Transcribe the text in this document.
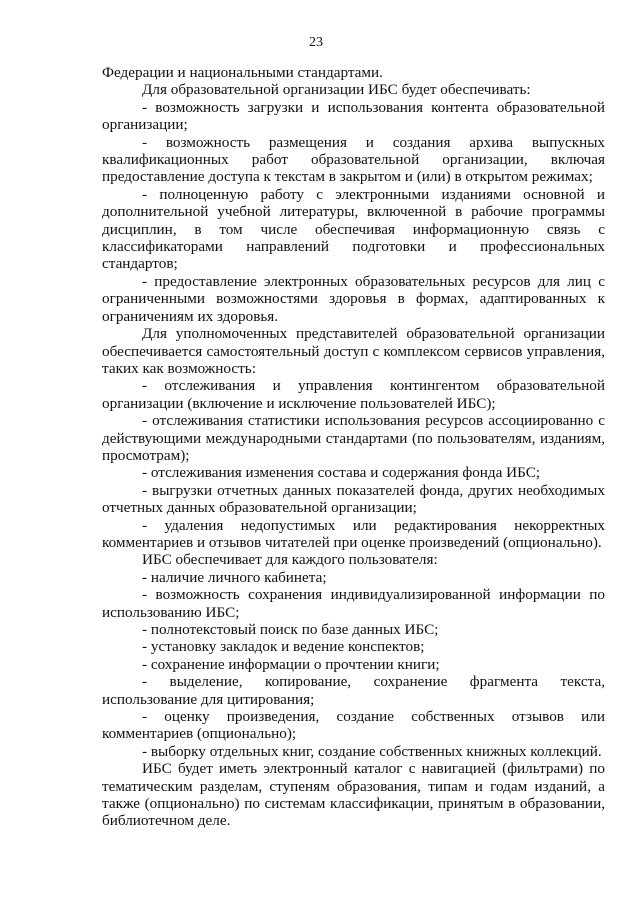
23

Федерации и национальными стандартами.

Для образовательной организации ИБС будет обеспечивать:

- возможность загрузки и использования контента образовательной организации;

- возможность размещения и создания архива выпускных квалификационных работ образовательной организации, включая предоставление доступа к текстам в закрытом и (или) в открытом режимах;

- полноценную работу с электронными изданиями основной и дополнительной учебной литературы, включенной в рабочие программы дисциплин, в том числе обеспечивая информационную связь с классификаторами направлений подготовки и профессиональных стандартов;

- предоставление электронных образовательных ресурсов для лиц с ограниченными возможностями здоровья в формах, адаптированных к ограничениям их здоровья.

Для уполномоченных представителей образовательной организации обеспечивается самостоятельный доступ с комплексом сервисов управления, таких как возможность:

- отслеживания и управления контингентом образовательной организации (включение и исключение пользователей ИБС);

- отслеживания статистики использования ресурсов ассоциированно с действующими международными стандартами (по пользователям, изданиям, просмотрам);

- отслеживания изменения состава и содержания фонда ИБС;

- выгрузки отчетных данных показателей фонда, других необходимых отчетных данных образовательной организации;

- удаления недопустимых или редактирования некорректных комментариев и отзывов читателей при оценке произведений (опционально).

ИБС обеспечивает для каждого пользователя:

- наличие личного кабинета;

- возможность сохранения индивидуализированной информации по использованию ИБС;

- полнотекстовый поиск по базе данных ИБС;

- установку закладок и ведение конспектов;

- сохранение информации о прочтении книги;

- выделение, копирование, сохранение фрагмента текста, использование для цитирования;

- оценку произведения, создание собственных отзывов или комментариев (опционально);

- выборку отдельных книг, создание собственных книжных коллекций.

ИБС будет иметь электронный каталог с навигацией (фильтрами) по тематическим разделам, ступеням образования, типам и годам изданий, а также (опционально) по системам классификации, принятым в образовании, библиотечном деле.
